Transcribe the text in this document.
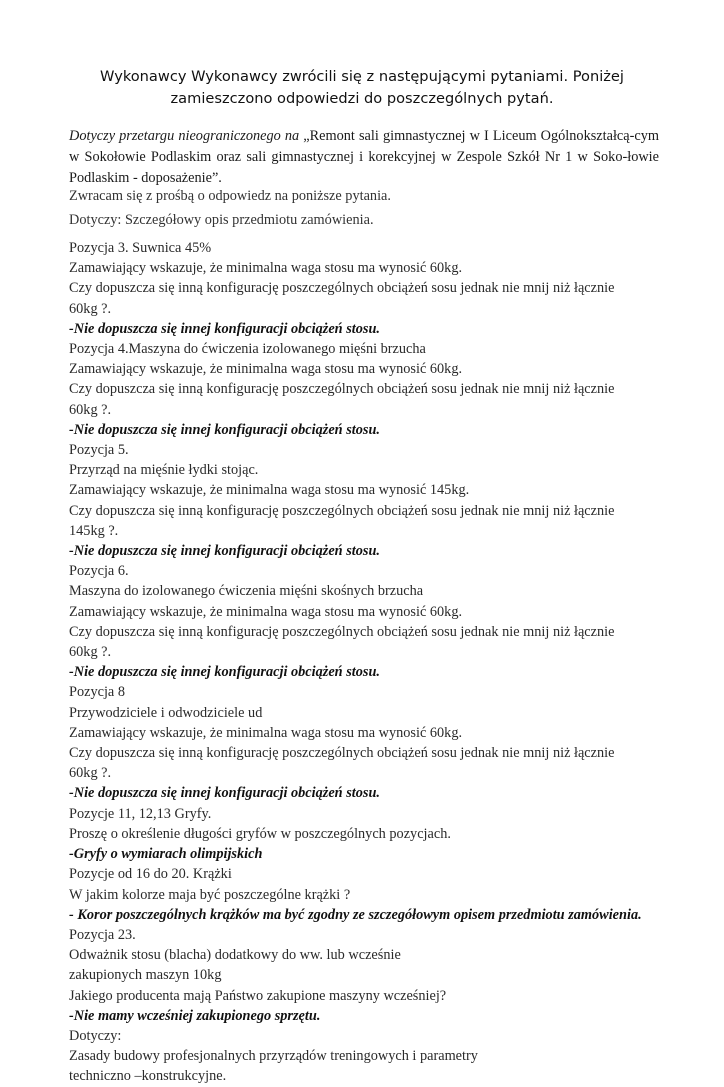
Wykonawcy Wykonawcy zwrócili się z następującymi pytaniami. Poniżej zamieszczono odpowiedzi do poszczególnych pytań.
Dotyczy przetargu nieograniczonego na „Remont sali gimnastycznej w I Liceum Ogólnokształcą-cym w Sokołowie Podlaskim oraz sali gimnastycznej i korekcyjnej w Zespole Szkół Nr 1 w Soko-łowie Podlaskim - doposażenie”.
Zwracam się z prośbą o odpowiedz na poniższe pytania.
Dotyczy: Szczegółowy opis przedmiotu zamówienia.
Pozycja 3. Suwnica 45%
Zamawiający wskazuje, że minimalna waga stosu ma wynosić 60kg.
Czy dopuszcza się inną konfigurację poszczególnych obciążeń sosu jednak nie mnij niż łącznie
60kg ?.
-Nie dopuszcza się innej konfiguracji obciążeń stosu.
Pozycja 4.Maszyna do ćwiczenia izolowanego mięśni brzucha
Zamawiający wskazuje, że minimalna waga stosu ma wynosić 60kg.
Czy dopuszcza się inną konfigurację poszczególnych obciążeń sosu jednak nie mnij niż łącznie
60kg ?.
-Nie dopuszcza się innej konfiguracji obciążeń stosu.
Pozycja 5.
Przyrząd na mięśnie łydki stojąc.
Zamawiający wskazuje, że minimalna waga stosu ma wynosić 145kg.
Czy dopuszcza się inną konfigurację poszczególnych obciążeń sosu jednak nie mnij niż łącznie
145kg ?.
-Nie dopuszcza się innej konfiguracji obciążeń stosu.
Pozycja 6.
Maszyna do izolowanego ćwiczenia mięśni skośnych brzucha
Zamawiający wskazuje, że minimalna waga stosu ma wynosić 60kg.
Czy dopuszcza się inną konfigurację poszczególnych obciążeń sosu jednak nie mnij niż łącznie
60kg ?.
-Nie dopuszcza się innej konfiguracji obciążeń stosu.
Pozycja 8
Przywodziciele i odwodziciele ud
Zamawiający wskazuje, że minimalna waga stosu ma wynosić 60kg.
Czy dopuszcza się inną konfigurację poszczególnych obciążeń sosu jednak nie mnij niż łącznie
60kg ?.
-Nie dopuszcza się innej konfiguracji obciążeń stosu.
Pozycje 11, 12,13 Gryfy.
Proszę o określenie długości gryfów w poszczególnych pozycjach.
-Gryfy o wymiarach olimpijskich
Pozycje od 16 do 20. Krążki
W jakim kolorze maja być poszczególne krążki ?
- Koror poszczególnych krążków ma być zgodny ze szczegółowym opisem przedmiotu zamówienia.
Pozycja 23.
Odważnik stosu (blacha) dodatkowy do ww. lub wcześnie
zakupionych maszyn 10kg
Jakiego producenta mają Państwo zakupione maszyny wcześniej?
-Nie mamy wcześniej zakupionego sprzętu.
Dotyczy:
Zasady budowy profesjonalnych przyrządów treningowych i parametry
techniczno –konstrukcyjne.
